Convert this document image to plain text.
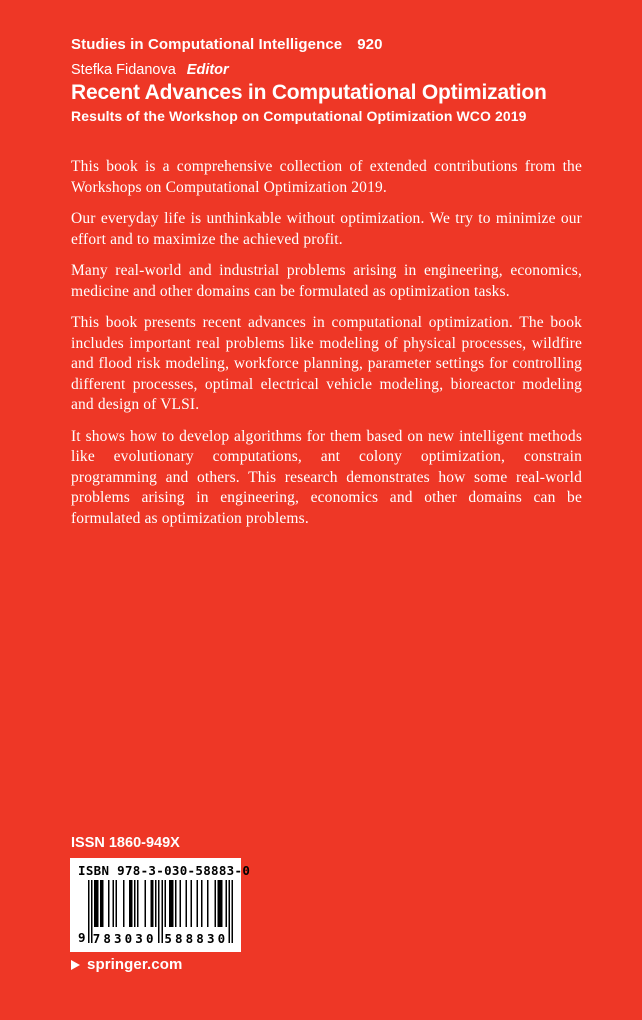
Studies in Computational Intelligence 920
Stefka Fidanova Editor
Recent Advances in Computational Optimization
Results of the Workshop on Computational Optimization WCO 2019

This book is a comprehensive collection of extended contributions from the Workshops on Computational Optimization 2019.

Our everyday life is unthinkable without optimization. We try to minimize our effort and to maximize the achieved profit.

Many real-world and industrial problems arising in engineering, economics, medicine and other domains can be formulated as optimization tasks.

This book presents recent advances in computational optimization. The book includes important real problems like modeling of physical processes, wildfire and flood risk modeling, workforce planning, parameter settings for controlling different processes, optimal electrical vehicle modeling, bioreactor modeling and design of VLSI.

It shows how to develop algorithms for them based on new intelligent methods like evolutionary computations, ant colony optimization, constrain programming and others. This research demonstrates how some real-world problems arising in engineering, economics and other domains can be formulated as optimization problems.

ISSN 1860-949X
ISBN 978-3-030-58883-0
9 783030 588830
springer.com
